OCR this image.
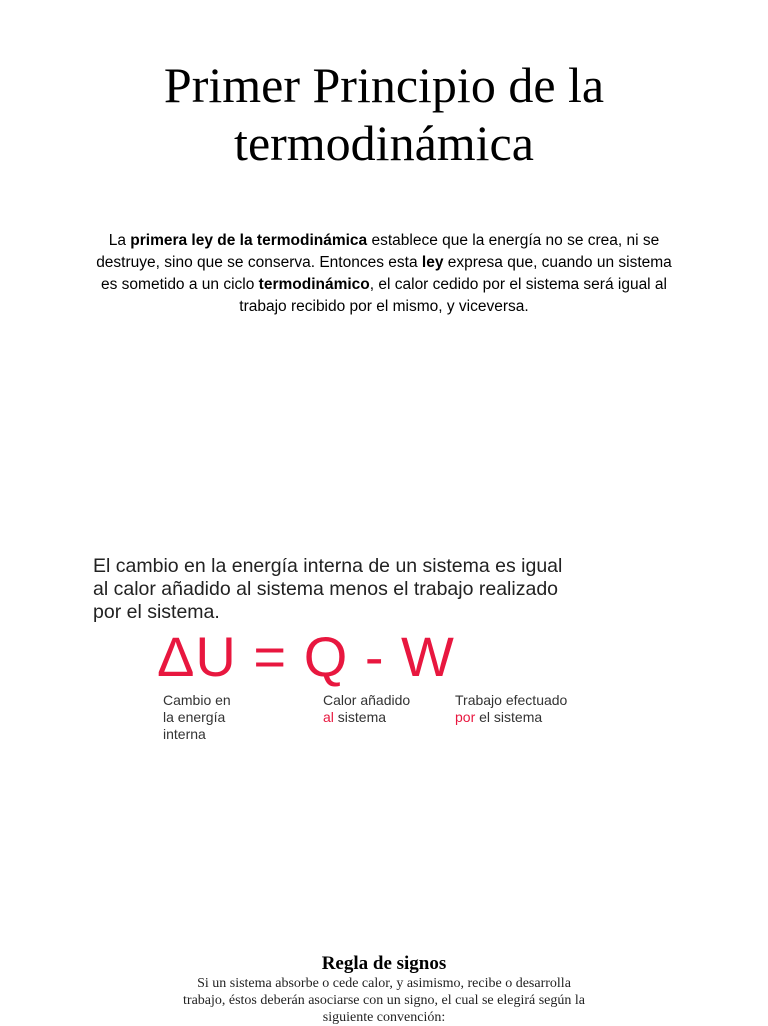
Primer Principio de la
termodinámica

La primera ley de la termodinámica establece que la energía no se crea, ni se destruye, sino que se conserva. Entonces esta ley expresa que, cuando un sistema es sometido a un ciclo termodinámico, el calor cedido por el sistema será igual al trabajo recibido por el mismo, y viceversa.

El cambio en la energía interna de un sistema es igual
al calor añadido al sistema menos el trabajo realizado
por el sistema.
ΔU = Q - W
Cambio en
la energía
interna
Calor añadido
al sistema
Trabajo efectuado
por el sistema
Regla de signos
Si un sistema absorbe o cede calor, y asimismo, recibe o desarrolla
trabajo, éstos deberán asociarse con un signo, el cual se elegirá según la
siguiente convención:
